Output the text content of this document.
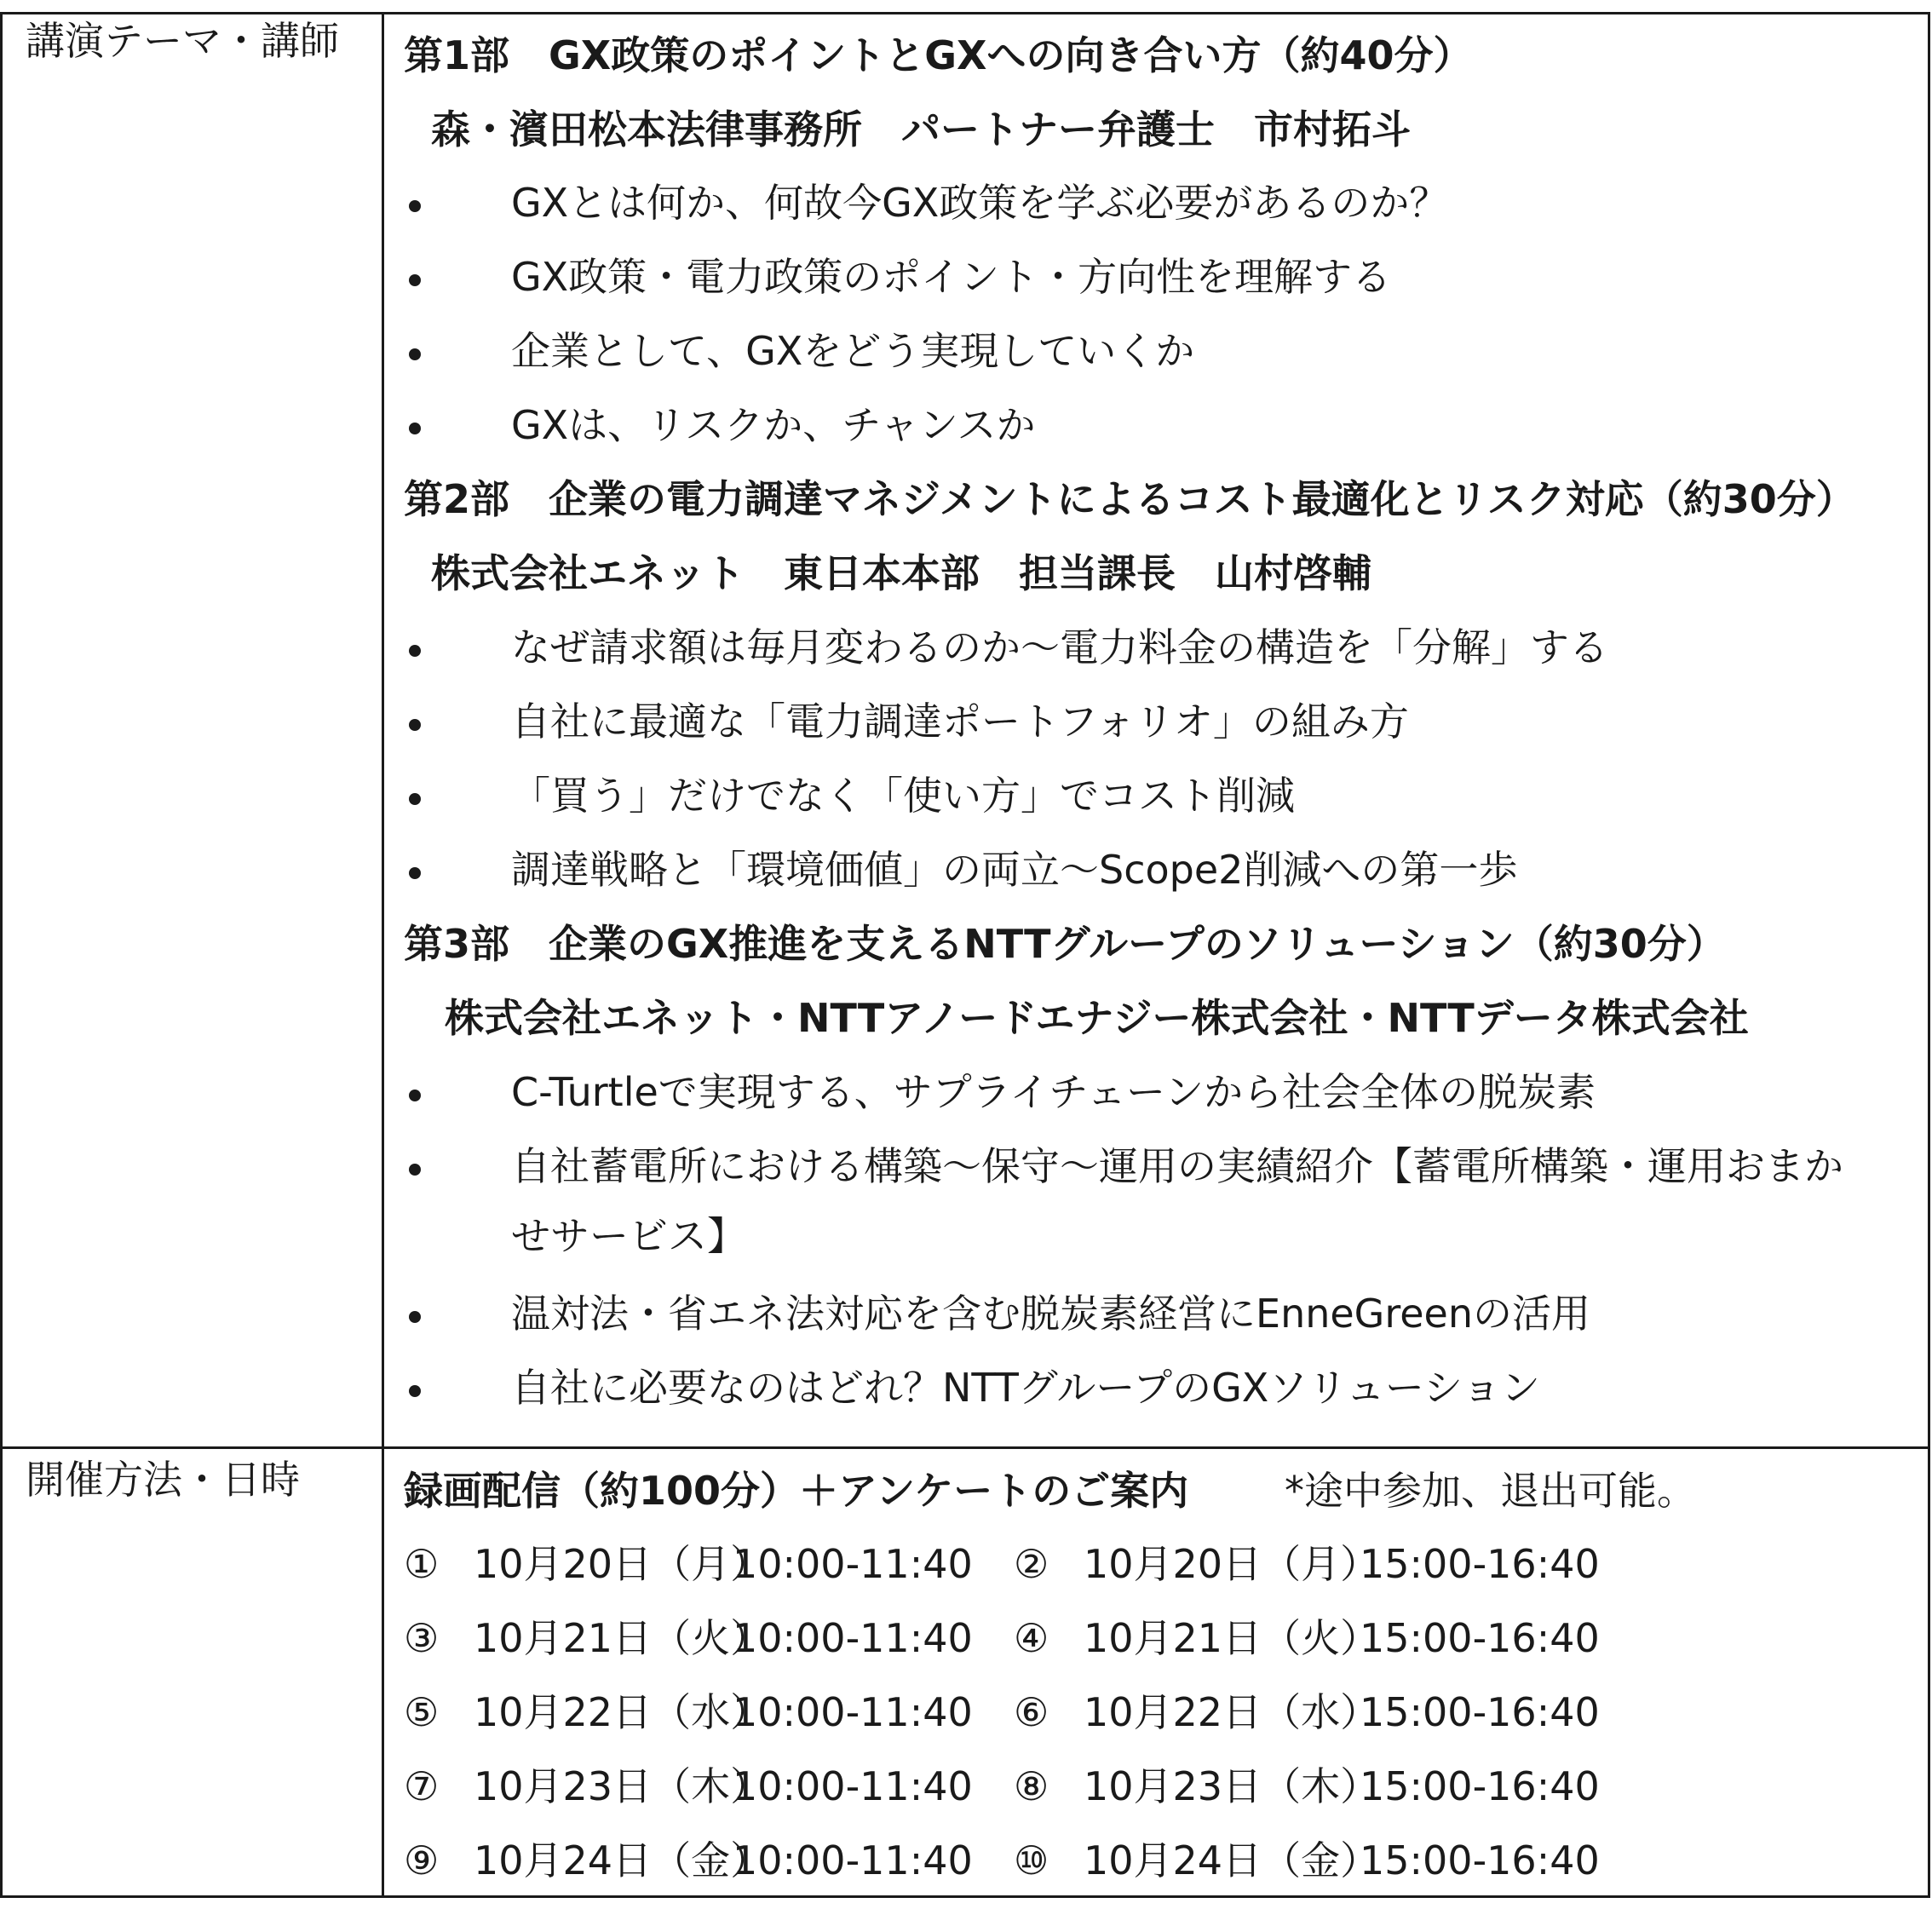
講演テーマ・講師
開催方法・日時
第1部　GX政策のポイントとGXへの向き合い方（約40分）
森・濱田松本法律事務所　パートナー弁護士　市村拓斗
GXとは何か、何故今GX政策を学ぶ必要があるのか？
GX政策・電力政策のポイント・方向性を理解する
企業として、GXをどう実現していくか
GXは、リスクか、チャンスか
第2部　企業の電力調達マネジメントによるコスト最適化とリスク対応（約30分）
株式会社エネット　東日本本部　担当課長　山村啓輔
なぜ請求額は毎月変わるのか～電力料金の構造を「分解」する
自社に最適な「電力調達ポートフォリオ」の組み方
「買う」だけでなく「使い方」でコスト削減
調達戦略と「環境価値」の両立～Scope2削減への第一歩
第3部　企業のGX推進を支えるNTTグループのソリューション（約30分）
株式会社エネット・NTTアノードエナジー株式会社・NTTデータ株式会社
C-Turtleで実現する、サプライチェーンから社会全体の脱炭素
自社蓄電所における構築～保守～運用の実績紹介【蓄電所構築・運用おまか
せサービス】
温対法・省エネ法対応を含む脱炭素経営にEnneGreenの活用
自社に必要なのはどれ？NTTグループのGXソリューション
録画配信（約100分）＋アンケートのご案内 *途中参加、退出可能。
① 10月20日（月）
10:00-11:40 ② 10月20日（月）
15:00-16:40
③ 10月21日（火）
10:00-11:40 ④ 10月21日（火）
15:00-16:40
⑤ 10月22日（水）
10:00-11:40 ⑥ 10月22日（水）
15:00-16:40
⑦ 10月23日（木）
10:00-11:40 ⑧ 10月23日（木）
15:00-16:40
⑨ 10月24日（金）
10:00-11:40 ⑩ 10月24日（金）
15:00-16:40
